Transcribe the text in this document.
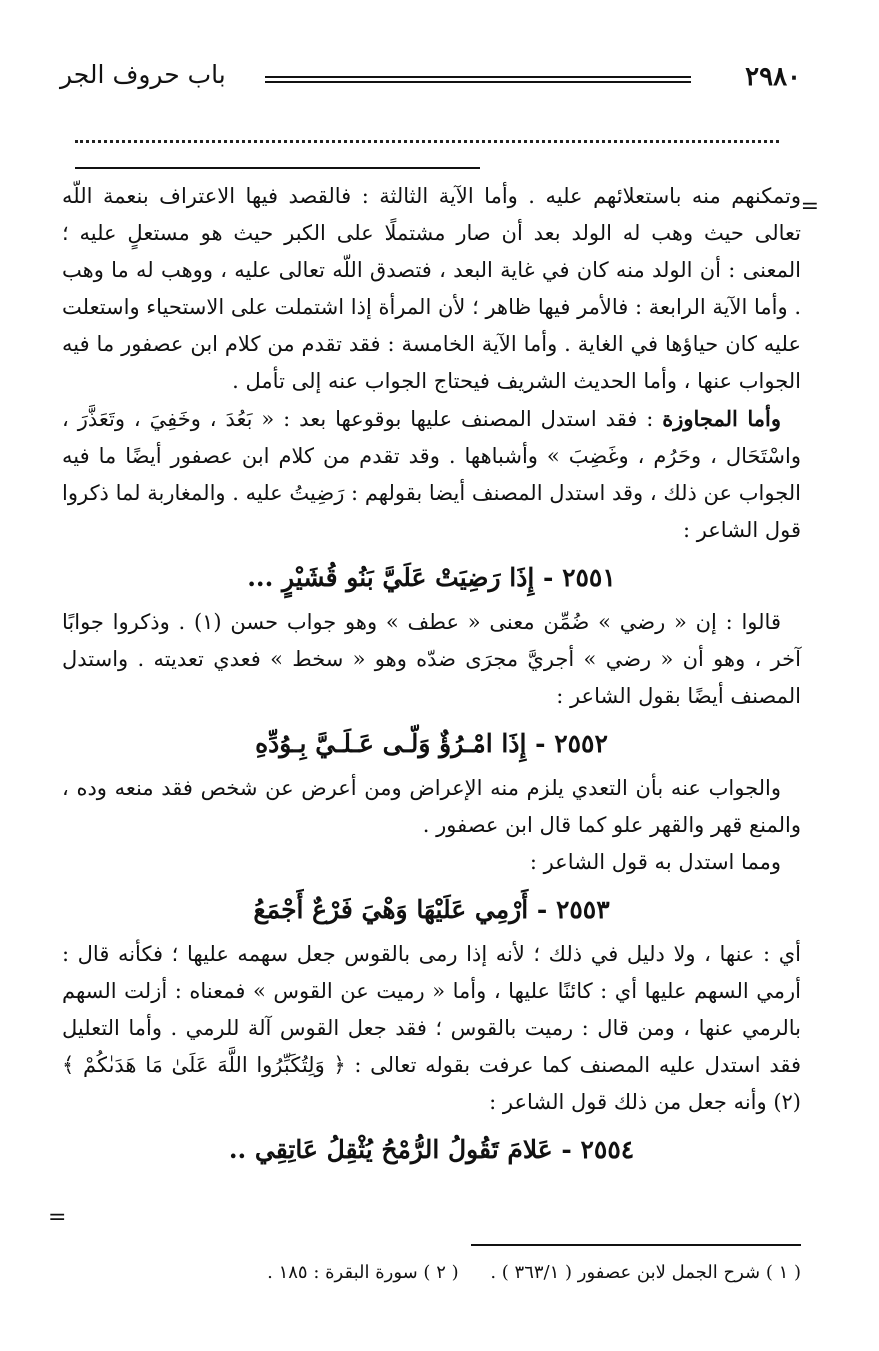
٢٩٨٠
باب حروف الجر
=

وتمكنهم منه باستعلائهم عليه . وأما الآية الثالثة : فالقصد فيها الاعتراف بنعمة اللّه تعالى حيث وهب له الولد بعد أن صار مشتملًا على الكبر حيث هو مستعلٍ عليه ؛ المعنى : أن الولد منه كان في غاية البعد ، فتصدق اللّه تعالى عليه ، ووهب له ما وهب . وأما الآية الرابعة : فالأمر فيها ظاهر ؛ لأن المرأة إذا اشتملت على الاستحياء واستعلت عليه كان حياؤها في الغاية . وأما الآية الخامسة : فقد تقدم من كلام ابن عصفور ما فيه الجواب عنها ، وأما الحديث الشريف فيحتاج الجواب عنه إلى تأمل .

وأما المجاوزة : فقد استدل المصنف عليها بوقوعها بعد : « بَعُدَ ، وخَفِيَ ، وتَعَذَّرَ ، واسْتَحَال ، وحَرُم ، وغَضِبَ » وأشباهها . وقد تقدم من كلام ابن عصفور أيضًا ما فيه الجواب عن ذلك ، وقد استدل المصنف أيضا بقولهم : رَضِيتُ عليه . والمغاربة لما ذكروا قول الشاعر :

٢٥٥١ - إِذَا رَضِيَتْ عَلَيَّ بَنُو قُشَيْرٍ ...

قالوا : إن « رضي » ضُمِّن معنى « عطف » وهو جواب حسن (١) . وذكروا جوابًا آخر ، وهو أن « رضي » أجريَّ مجرَى ضدّه وهو « سخط » فعدي تعديته . واستدل المصنف أيضًا بقول الشاعر :

٢٥٥٢ - إِذَا امْـرُؤٌ وَلّـى عَـلَـيَّ بِـوُدِّهِ

والجواب عنه بأن التعدي يلزم منه الإعراض ومن أعرض عن شخص فقد منعه وده ، والمنع قهر والقهر علو كما قال ابن عصفور .

ومما استدل به قول الشاعر :

٢٥٥٣ - أَرْمِي عَلَيْهَا وَهْيَ فَرْعٌ أَجْمَعُ

أي : عنها ، ولا دليل في ذلك ؛ لأنه إذا رمى بالقوس جعل سهمه عليها ؛ فكأنه قال : أرمي السهم عليها أي : كائنًا عليها ، وأما « رميت عن القوس » فمعناه : أزلت السهم بالرمي عنها ، ومن قال : رميت بالقوس ؛ فقد جعل القوس آلة للرمي . وأما التعليل فقد استدل عليه المصنف كما عرفت بقوله تعالى : ﴿ وَلِتُكَبِّرُوا اللَّهَ عَلَىٰ مَا هَدَىٰكُمْ ﴾ (٢) وأنه جعل من ذلك قول الشاعر :

٢٥٥٤ - عَلامَ تَقُولُ الرُّمْحُ يُثْقِلُ عَاتِقِي ..

=
( ١ ) شرح الجمل لابن عصفور ( ٣٦٣/١ ) . ( ٢ ) سورة البقرة : ١٨٥ .
